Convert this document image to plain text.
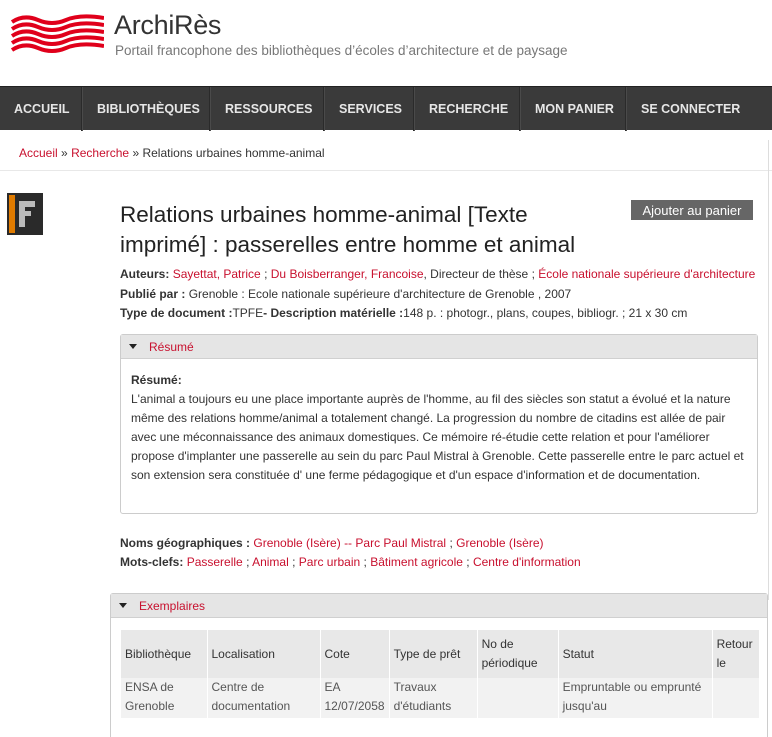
ArchiRès
Portail francophone des bibliothèques d’écoles d’architecture et de paysage
ACCUEIL	BIBLIOTHÈQUES	RESSOURCES	SERVICES	RECHERCHE	MON PANIER	SE CONNECTER
Accueil » Recherche » Relations urbaines homme-animal
Relations urbaines homme-animal [Texte imprimé] : passerelles entre homme et animal
Ajouter au panier
Auteurs: Sayettat, Patrice ; Du Boisberranger, Francoise, Directeur de thèse ; École nationale supérieure d'architecture
Publié par : Grenoble : Ecole nationale supérieure d'architecture de Grenoble , 2007
Type de document :TPFE- Description matérielle :148 p. : photogr., plans, coupes, bibliogr. ; 21 x 30 cm
Résumé
Résumé:
L'animal a toujours eu une place importante auprès de l'homme, au fil des siècles son statut a évolué et la nature même des relations homme/animal a totalement changé. La progression du nombre de citadins est allée de pair avec une méconnaissance des animaux domestiques. Ce mémoire ré-étudie cette relation et pour l'améliorer propose d'implanter une passerelle au sein du parc Paul Mistral à Grenoble. Cette passerelle entre le parc actuel et son extension sera constituée d' une ferme pédagogique et d'un espace d'information et de documentation.
Noms géographiques : Grenoble (Isère) -- Parc Paul Mistral ; Grenoble (Isère)
Mots-clefs: Passerelle ; Animal ; Parc urbain ; Bâtiment agricole ; Centre d'information
Exemplaires
Bibliothèque	Localisation	Cote	Type de prêt	No de périodique	Statut	Retour le
ENSA de Grenoble	Centre de documentation	EA 12/07/2058	Travaux d'étudiants		Empruntable ou emprunté jusqu'au	
